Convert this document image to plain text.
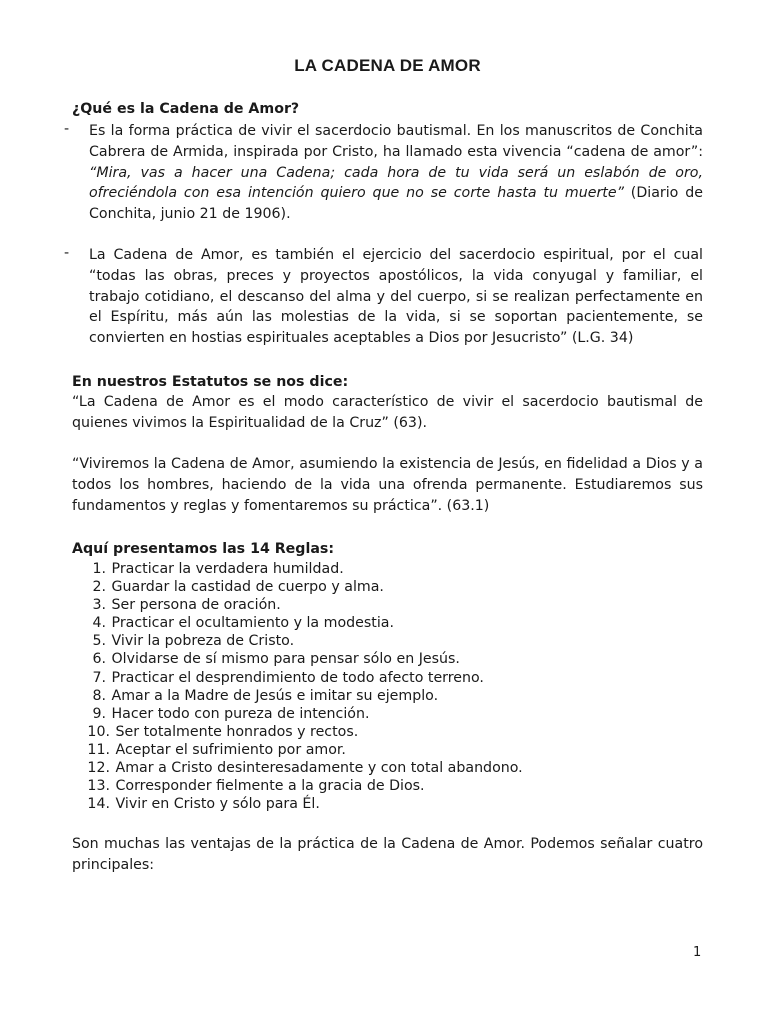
LA CADENA DE AMOR
¿Qué es la Cadena de Amor?
- Es la forma práctica de vivir el sacerdocio bautismal. En los manuscritos de Conchita Cabrera de Armida, inspirada por Cristo, ha llamado esta vivencia “cadena de amor”: “Mira, vas a hacer una Cadena; cada hora de tu vida será un eslabón de oro, ofreciéndola con esa intención quiero que no se corte hasta tu muerte” (Diario de Conchita, junio 21 de 1906).
- La Cadena de Amor, es también el ejercicio del sacerdocio espiritual, por el cual “todas las obras, preces y proyectos apostólicos, la vida conyugal y familiar, el trabajo cotidiano, el descanso del alma y del cuerpo, si se realizan perfectamente en el Espíritu, más aún las molestias de la vida, si se soportan pacientemente, se convierten en hostias espirituales aceptables a Dios por Jesucristo” (L.G. 34)
En nuestros Estatutos se nos dice:
“La Cadena de Amor es el modo característico de vivir el sacerdocio bautismal de quienes vivimos la Espiritualidad de la Cruz” (63).
“Viviremos la Cadena de Amor, asumiendo la existencia de Jesús, en fidelidad a Dios y a todos los hombres, haciendo de la vida una ofrenda permanente. Estudiaremos sus fundamentos y reglas y fomentaremos su práctica”. (63.1)
Aquí presentamos las 14 Reglas:
1. Practicar la verdadera humildad.
2. Guardar la castidad de cuerpo y alma.
3. Ser persona de oración.
4. Practicar el ocultamiento y la modestia.
5. Vivir la pobreza de Cristo.
6. Olvidarse de sí mismo para pensar sólo en Jesús.
7. Practicar el desprendimiento de todo afecto terreno.
8. Amar a la Madre de Jesús e imitar su ejemplo.
9. Hacer todo con pureza de intención.
10. Ser totalmente honrados y rectos.
11. Aceptar el sufrimiento por amor.
12. Amar a Cristo desinteresadamente y con total abandono.
13. Corresponder fielmente a la gracia de Dios.
14. Vivir en Cristo y sólo para Él.
Son muchas las ventajas de la práctica de la Cadena de Amor. Podemos señalar cuatro principales:
1
